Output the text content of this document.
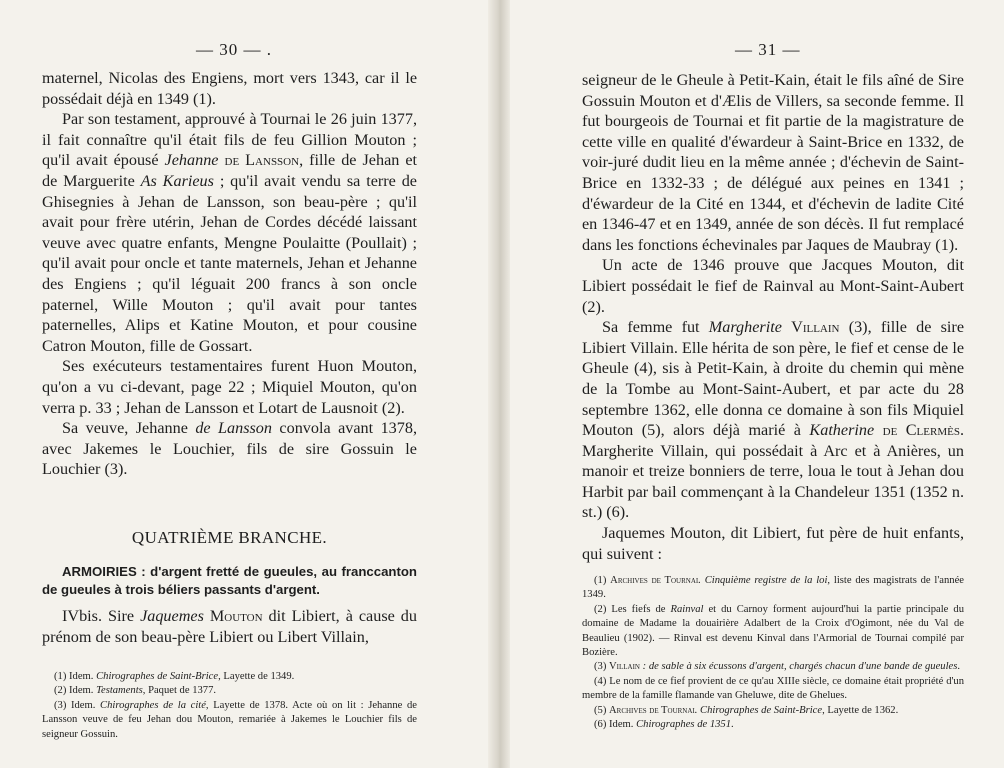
— 30 — .

maternel, Nicolas des Engiens, mort vers 1343, car il le possédait déjà en 1349 (1).

Par son testament, approuvé à Tournai le 26 juin 1377, il fait connaître qu'il était fils de feu Gillion Mouton ; qu'il avait épousé Jehanne de Lansson, fille de Jehan et de Marguerite As Karieus ; qu'il avait vendu sa terre de Ghisegnies à Jehan de Lansson, son beau-père ; qu'il avait pour frère utérin, Jehan de Cordes décédé laissant veuve avec quatre enfants, Mengne Poulaitte (Poullait) ; qu'il avait pour oncle et tante maternels, Jehan et Jehanne des Engiens ; qu'il léguait 200 francs à son oncle paternel, Wille Mouton ; qu'il avait pour tantes paternelles, Alips et Katine Mouton, et pour cousine Catron Mouton, fille de Gossart.

Ses exécuteurs testamentaires furent Huon Mouton, qu'on a vu ci-devant, page 22 ; Miquiel Mouton, qu'on verra p. 33 ; Jehan de Lansson et Lotart de Lausnoit (2).

Sa veuve, Jehanne de Lansson convola avant 1378, avec Jakemes le Louchier, fils de sire Gossuin le Louchier (3).

QUATRIÈME BRANCHE.

ARMOIRIES : d'argent fretté de gueules, au franccanton de gueules à trois béliers passants d'argent.

IVbis. Sire Jaquemes Mouton dit Libiert, à cause du prénom de son beau-père Libiert ou Libert Villain,

(1) Idem. Chirographes de Saint-Brice, Layette de 1349.

(2) Idem. Testaments, Paquet de 1377.

(3) Idem. Chirographes de la cité, Layette de 1378. Acte où on lit : Jehanne de Lansson veuve de feu Jehan dou Mouton, remariée à Jakemes le Louchier fils de seigneur Gossuin.

— 31 —

seigneur de le Gheule à Petit-Kain, était le fils aîné de Sire Gossuin Mouton et d'Ælis de Villers, sa seconde femme. Il fut bourgeois de Tournai et fit partie de la magistrature de cette ville en qualité d'éwardeur à Saint-Brice en 1332, de voir-juré dudit lieu en la même année ; d'échevin de Saint-Brice en 1332-33 ; de délégué aux peines en 1341 ; d'éwardeur de la Cité en 1344, et d'échevin de ladite Cité en 1346-47 et en 1349, année de son décès. Il fut remplacé dans les fonctions échevinales par Jaques de Maubray (1).

Un acte de 1346 prouve que Jacques Mouton, dit Libiert possédait le fief de Rainval au Mont-Saint-Aubert (2).

Sa femme fut Margherite Villain (3), fille de sire Libiert Villain. Elle hérita de son père, le fief et cense de le Gheule (4), sis à Petit-Kain, à droite du chemin qui mène de la Tombe au Mont-Saint-Aubert, et par acte du 28 septembre 1362, elle donna ce domaine à son fils Miquiel Mouton (5), alors déjà marié à Katherine de Clermès. Margherite Villain, qui possédait à Arc et à Anières, un manoir et treize bonniers de terre, loua le tout à Jehan dou Harbit par bail commençant à la Chandeleur 1351 (1352 n. st.) (6).

Jaquemes Mouton, dit Libiert, fut père de huit enfants, qui suivent :

(1) Archives de Tournai. Cinquième registre de la loi, liste des magistrats de l'année 1349.

(2) Les fiefs de Rainval et du Carnoy forment aujourd'hui la partie principale du domaine de Madame la douairière Adalbert de la Croix d'Ogimont, née du Val de Beaulieu (1902). — Rinval est devenu Kinval dans l'Armorial de Tournai compilé par Bozière.

(3) Villain : de sable à six écussons d'argent, chargés chacun d'une bande de gueules.

(4) Le nom de ce fief provient de ce qu'au XIIIe siècle, ce domaine était propriété d'un membre de la famille flamande van Gheluwe, dite de Ghelues.

(5) Archives de Tournai. Chirographes de Saint-Brice, Layette de 1362.

(6) Idem. Chirographes de 1351.
